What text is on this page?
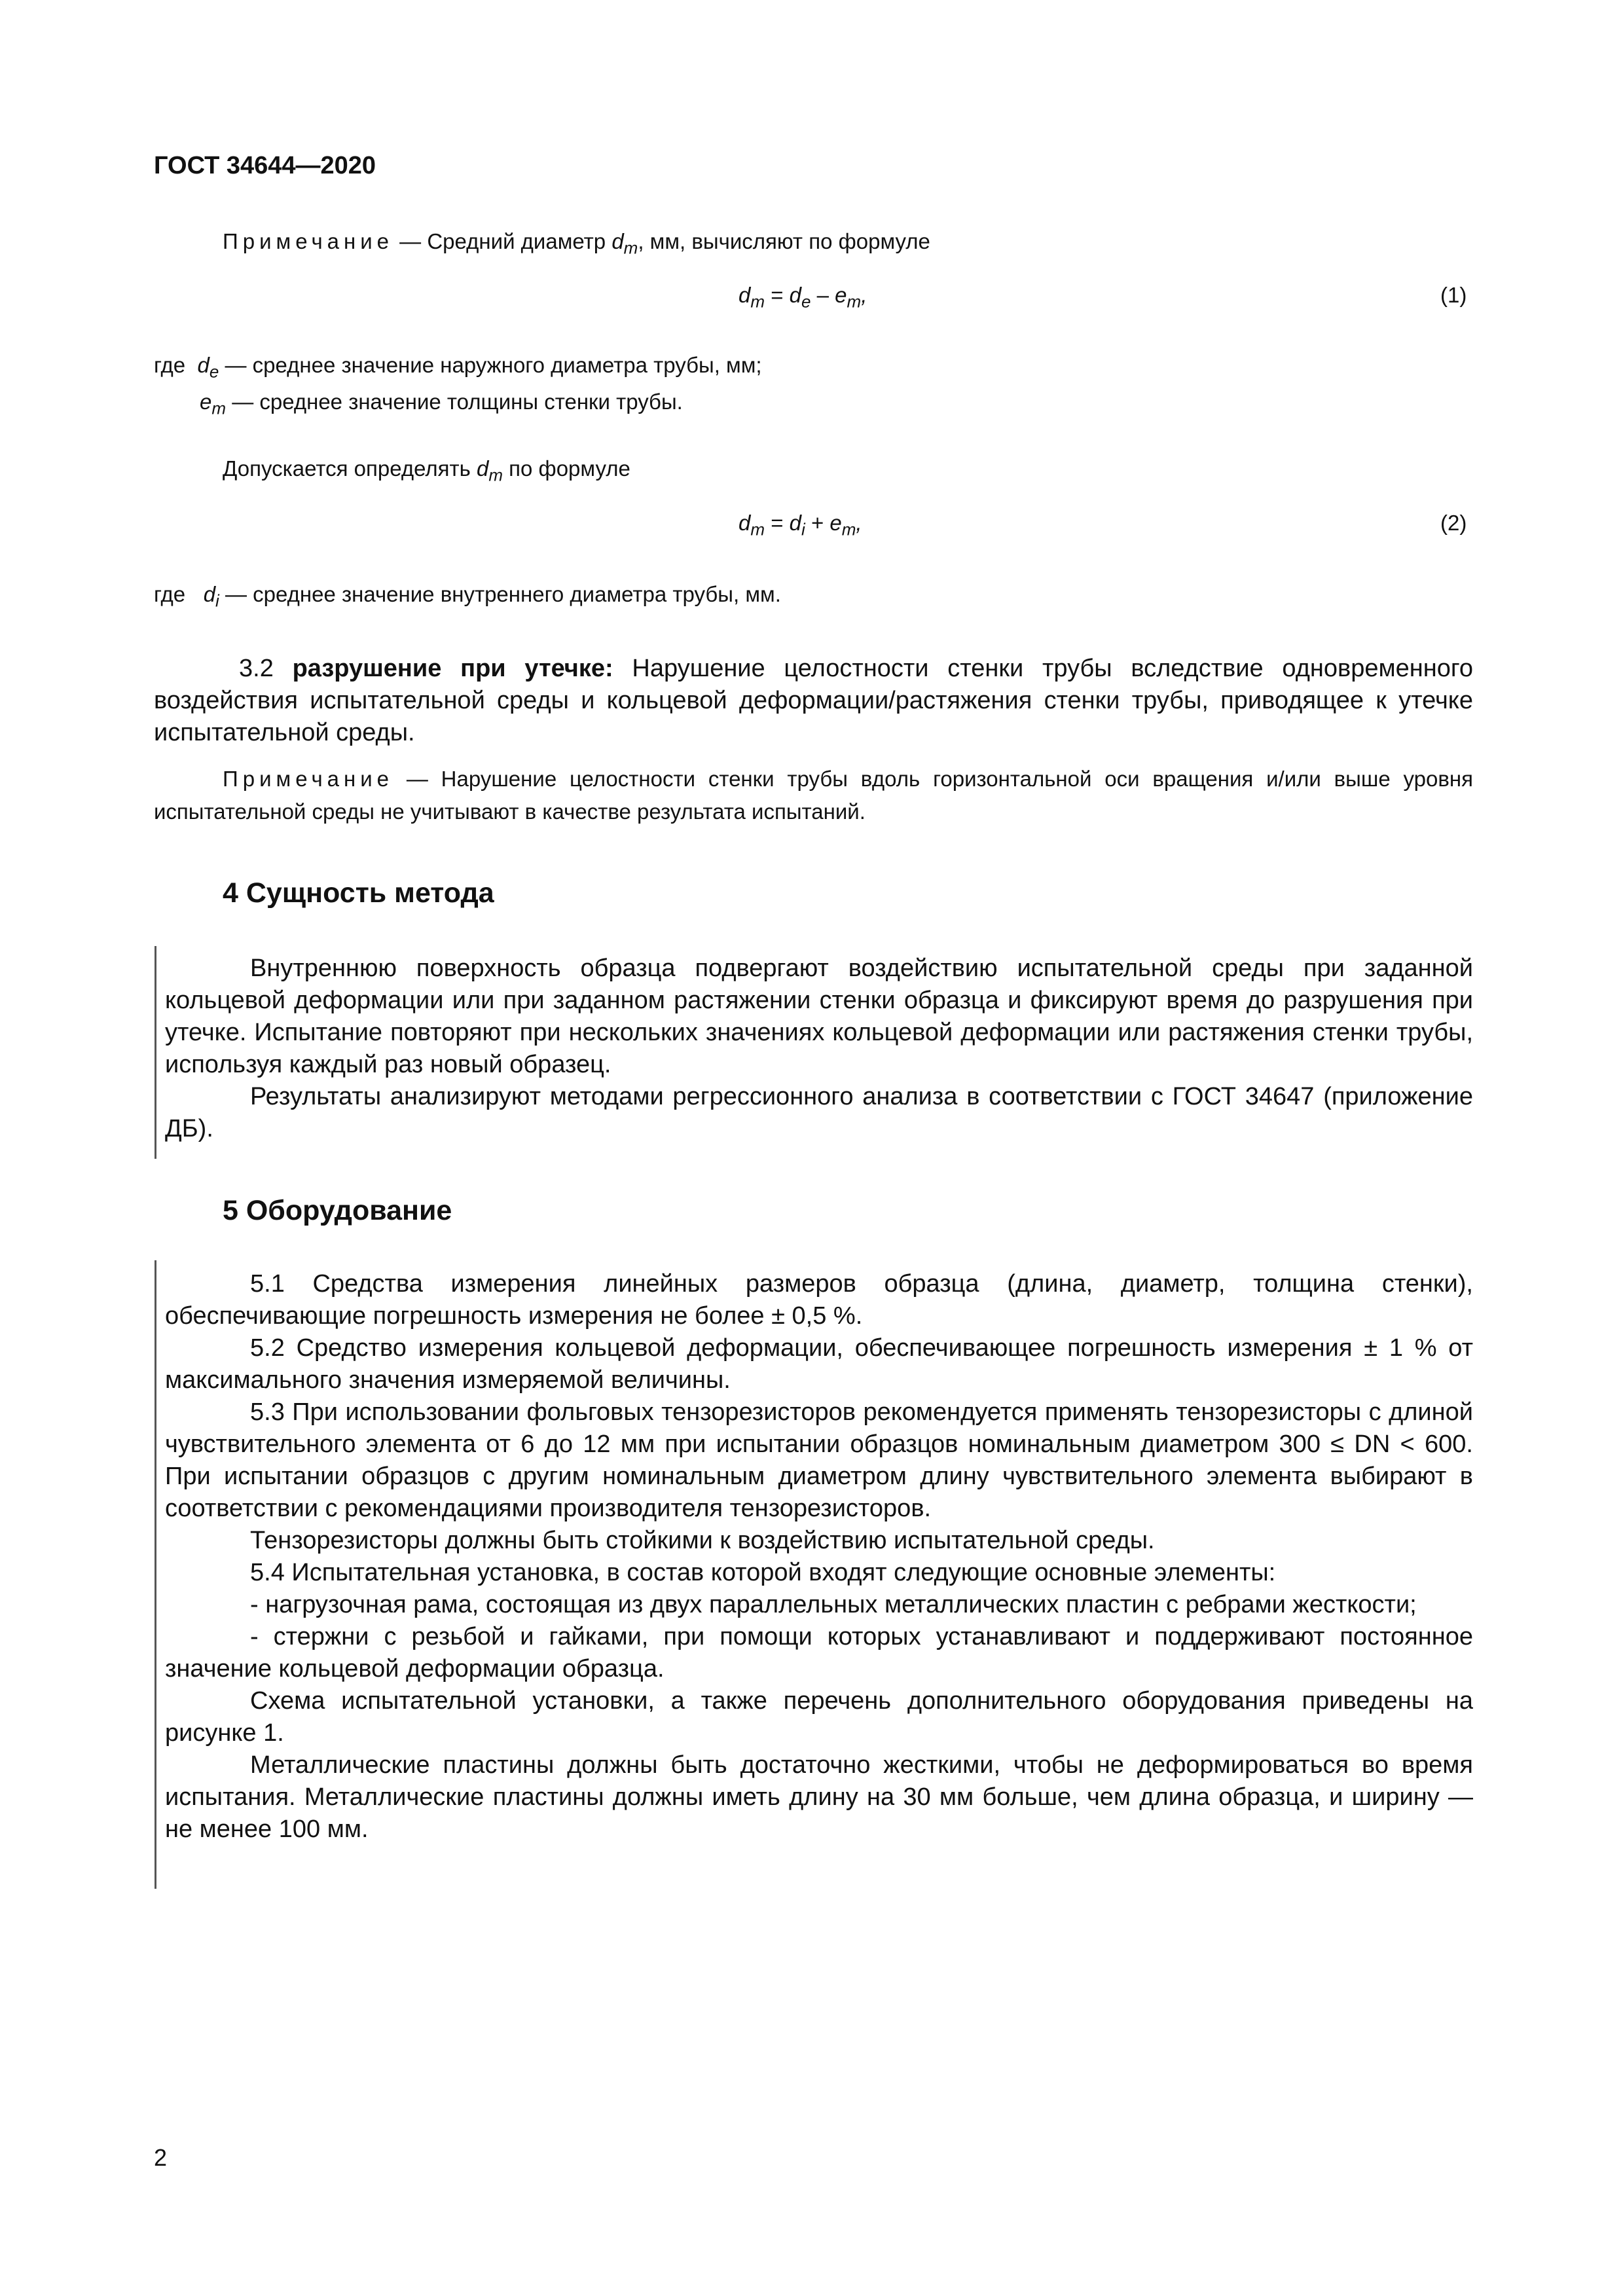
ГОСТ 34644—2020
Примечание — Средний диаметр $d_m$, мм, вычисляют по формуле
$d_m = d_e - e_m$,	(1)
где $d_e$ — среднее значение наружного диаметра трубы, мм;
$e_m$ — среднее значение толщины стенки трубы.
Допускается определять $d_m$ по формуле
$d_m = d_i + e_m$,	(2)
где $d_i$ — среднее значение внутреннего диаметра трубы, мм.

3.2 разрушение при утечке: Нарушение целостности стенки трубы вследствие одновременного воздействия испытательной среды и кольцевой деформации/растяжения стенки трубы, приводящее к утечке испытательной среды.

Примечание — Нарушение целостности стенки трубы вдоль горизонтальной оси вращения и/или выше уровня испытательной среды не учитывают в качестве результата испытаний.
4 Сущность метода

Внутреннюю поверхность образца подвергают воздействию испытательной среды при заданной кольцевой деформации или при заданном растяжении стенки образца и фиксируют время до разрушения при утечке. Испытание повторяют при нескольких значениях кольцевой деформации или растяжения стенки трубы, используя каждый раз новый образец.

Результаты анализируют методами регрессионного анализа в соответствии с ГОСТ 34647 (приложение ДБ).

5 Оборудование

5.1 Средства измерения линейных размеров образца (длина, диаметр, толщина стенки), обеспечивающие погрешность измерения не более ± 0,5 %.

5.2 Средство измерения кольцевой деформации, обеспечивающее погрешность измерения ± 1 % от максимального значения измеряемой величины.

5.3 При использовании фольговых тензорезисторов рекомендуется применять тензорезисторы с длиной чувствительного элемента от 6 до 12 мм при испытании образцов номинальным диаметром 300 ≤ DN < 600. При испытании образцов с другим номинальным диаметром длину чувствительного элемента выбирают в соответствии с рекомендациями производителя тензорезисторов.

Тензорезисторы должны быть стойкими к воздействию испытательной среды.

5.4 Испытательная установка, в состав которой входят следующие основные элементы:

- нагрузочная рама, состоящая из двух параллельных металлических пластин с ребрами жесткости;

- стержни с резьбой и гайками, при помощи которых устанавливают и поддерживают постоянное значение кольцевой деформации образца.

Схема испытательной установки, а также перечень дополнительного оборудования приведены на рисунке 1.

Металлические пластины должны быть достаточно жесткими, чтобы не деформироваться во время испытания. Металлические пластины должны иметь длину на 30 мм больше, чем длина образца, и ширину — не менее 100 мм.

2
